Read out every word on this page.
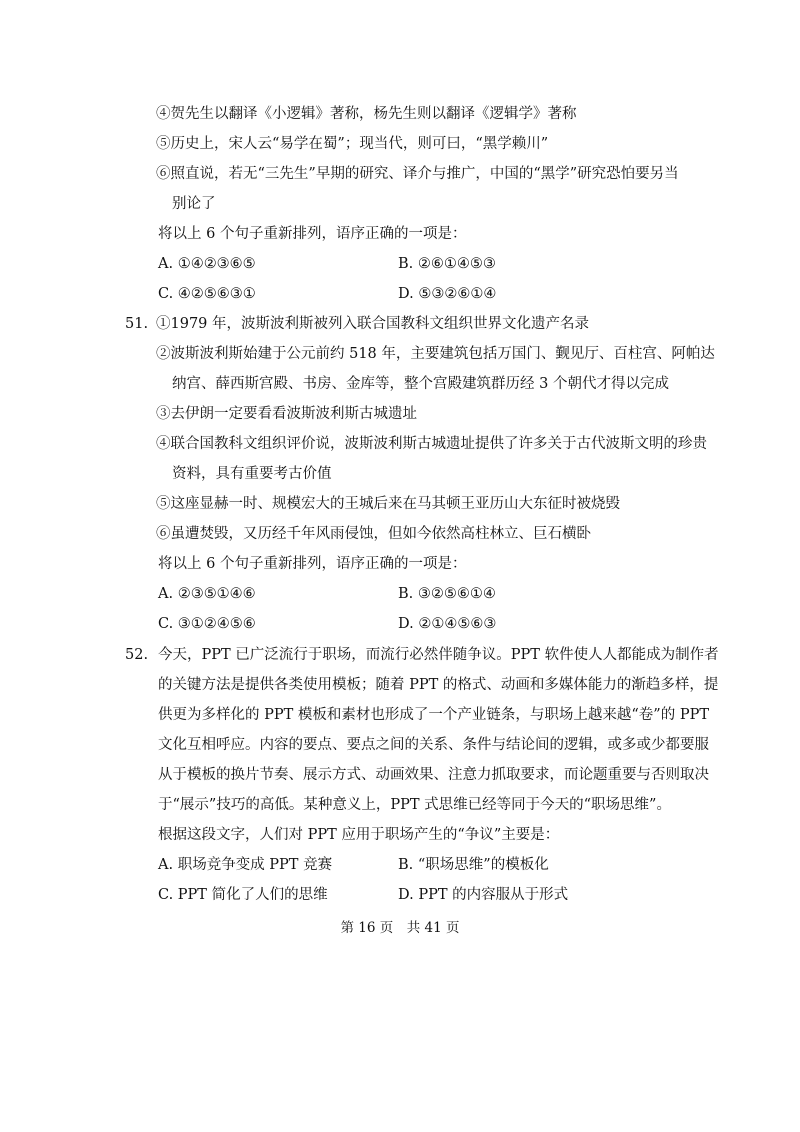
④贺先生以翻译《小逻辑》著称，杨先生则以翻译《逻辑学》著称
⑤历史上，宋人云“易学在蜀”；现当代，则可曰，“黑学赖川”
⑥照直说，若无“三先生”早期的研究、译介与推广，中国的“黑学”研究恐怕要另当
别论了
将以上 6 个句子重新排列，语序正确的一项是：
A. ①④②③⑥⑤	B. ②⑥①④⑤③
C. ④②⑤⑥③①	D. ⑤③②⑥①④
51. ①1979 年，波斯波利斯被列入联合国教科文组织世界文化遗产名录
②波斯波利斯始建于公元前约 518 年，主要建筑包括万国门、觐见厅、百柱宫、阿帕达
纳宫、薛西斯宫殿、书房、金库等，整个宫殿建筑群历经 3 个朝代才得以完成
③去伊朗一定要看看波斯波利斯古城遗址
④联合国教科文组织评价说，波斯波利斯古城遗址提供了许多关于古代波斯文明的珍贵
资料，具有重要考古价值
⑤这座显赫一时、规模宏大的王城后来在马其顿王亚历山大东征时被烧毁
⑥虽遭焚毁，又历经千年风雨侵蚀，但如今依然高柱林立、巨石横卧
将以上 6 个句子重新排列，语序正确的一项是：
A. ②③⑤①④⑥	B. ③②⑤⑥①④
C. ③①②④⑤⑥	D. ②①④⑤⑥③
52. 今天，PPT 已广泛流行于职场，而流行必然伴随争议。PPT 软件使人人都能成为制作者
的关键方法是提供各类使用模板；随着 PPT 的格式、动画和多媒体能力的渐趋多样，提
供更为多样化的 PPT 模板和素材也形成了一个产业链条，与职场上越来越“卷”的 PPT
文化互相呼应。内容的要点、要点之间的关系、条件与结论间的逻辑，或多或少都要服
从于模板的换片节奏、展示方式、动画效果、注意力抓取要求，而论题重要与否则取决
于“展示”技巧的高低。某种意义上，PPT 式思维已经等同于今天的“职场思维”。
根据这段文字，人们对 PPT 应用于职场产生的“争议”主要是：
A. 职场竞争变成 PPT 竞赛	B. “职场思维”的模板化
C. PPT 简化了人们的思维	D. PPT 的内容服从于形式
第 16 页　共 41 页
